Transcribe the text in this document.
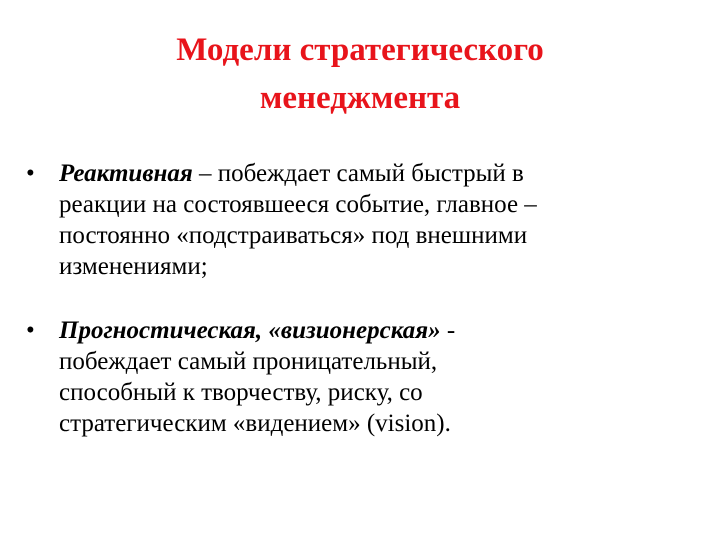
Модели стратегического
менеджмента
• Реактивная – побеждает самый быстрый в
реакции на состоявшееся событие, главное –
постоянно «подстраиваться» под внешними
изменениями;
• Прогностическая, «визионерская» -
побеждает самый проницательный,
способный к творчеству, риску, со
стратегическим «видением» (vision).
